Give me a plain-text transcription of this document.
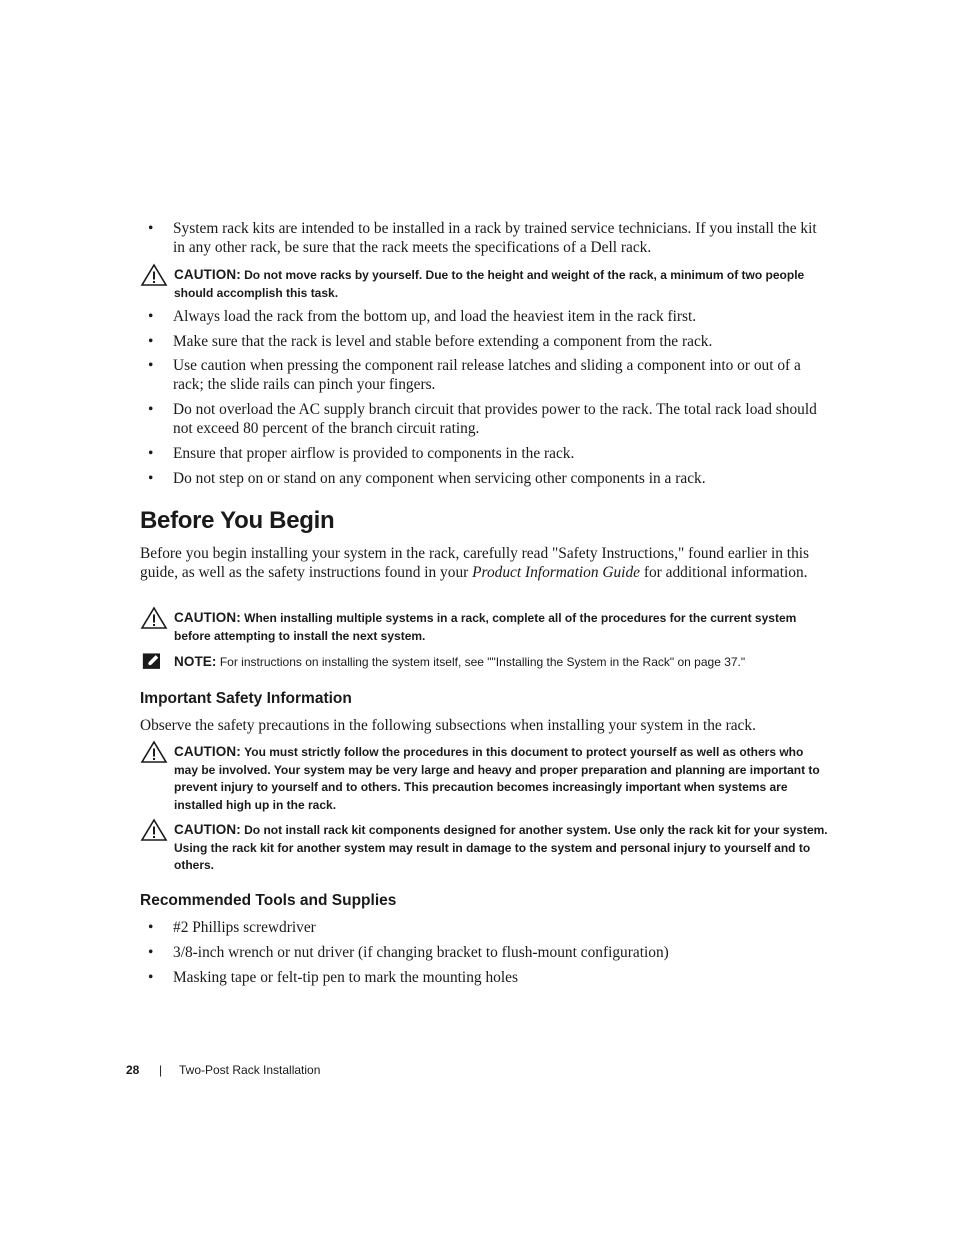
• System rack kits are intended to be installed in a rack by trained service technicians. If you install the kit in any other rack, be sure that the rack meets the specifications of a Dell rack.
CAUTION: Do not move racks by yourself. Due to the height and weight of the rack, a minimum of two people should accomplish this task.
• Always load the rack from the bottom up, and load the heaviest item in the rack first.
• Make sure that the rack is level and stable before extending a component from the rack.
• Use caution when pressing the component rail release latches and sliding a component into or out of a rack; the slide rails can pinch your fingers.
• Do not overload the AC supply branch circuit that provides power to the rack. The total rack load should not exceed 80 percent of the branch circuit rating.
• Ensure that proper airflow is provided to components in the rack.
• Do not step on or stand on any component when servicing other components in a rack.
Before You Begin
Before you begin installing your system in the rack, carefully read "Safety Instructions," found earlier in this guide, as well as the safety instructions found in your Product Information Guide for additional information.
CAUTION: When installing multiple systems in a rack, complete all of the procedures for the current system before attempting to install the next system.
NOTE: For instructions on installing the system itself, see ""Installing the System in the Rack" on page 37."
Important Safety Information
Observe the safety precautions in the following subsections when installing your system in the rack.
CAUTION: You must strictly follow the procedures in this document to protect yourself as well as others who may be involved. Your system may be very large and heavy and proper preparation and planning are important to prevent injury to yourself and to others. This precaution becomes increasingly important when systems are installed high up in the rack.
CAUTION: Do not install rack kit components designed for another system. Use only the rack kit for your system. Using the rack kit for another system may result in damage to the system and personal injury to yourself and to others.
Recommended Tools and Supplies
• #2 Phillips screwdriver
• 3/8-inch wrench or nut driver (if changing bracket to flush-mount configuration)
• Masking tape or felt-tip pen to mark the mounting holes
28 | Two-Post Rack Installation
